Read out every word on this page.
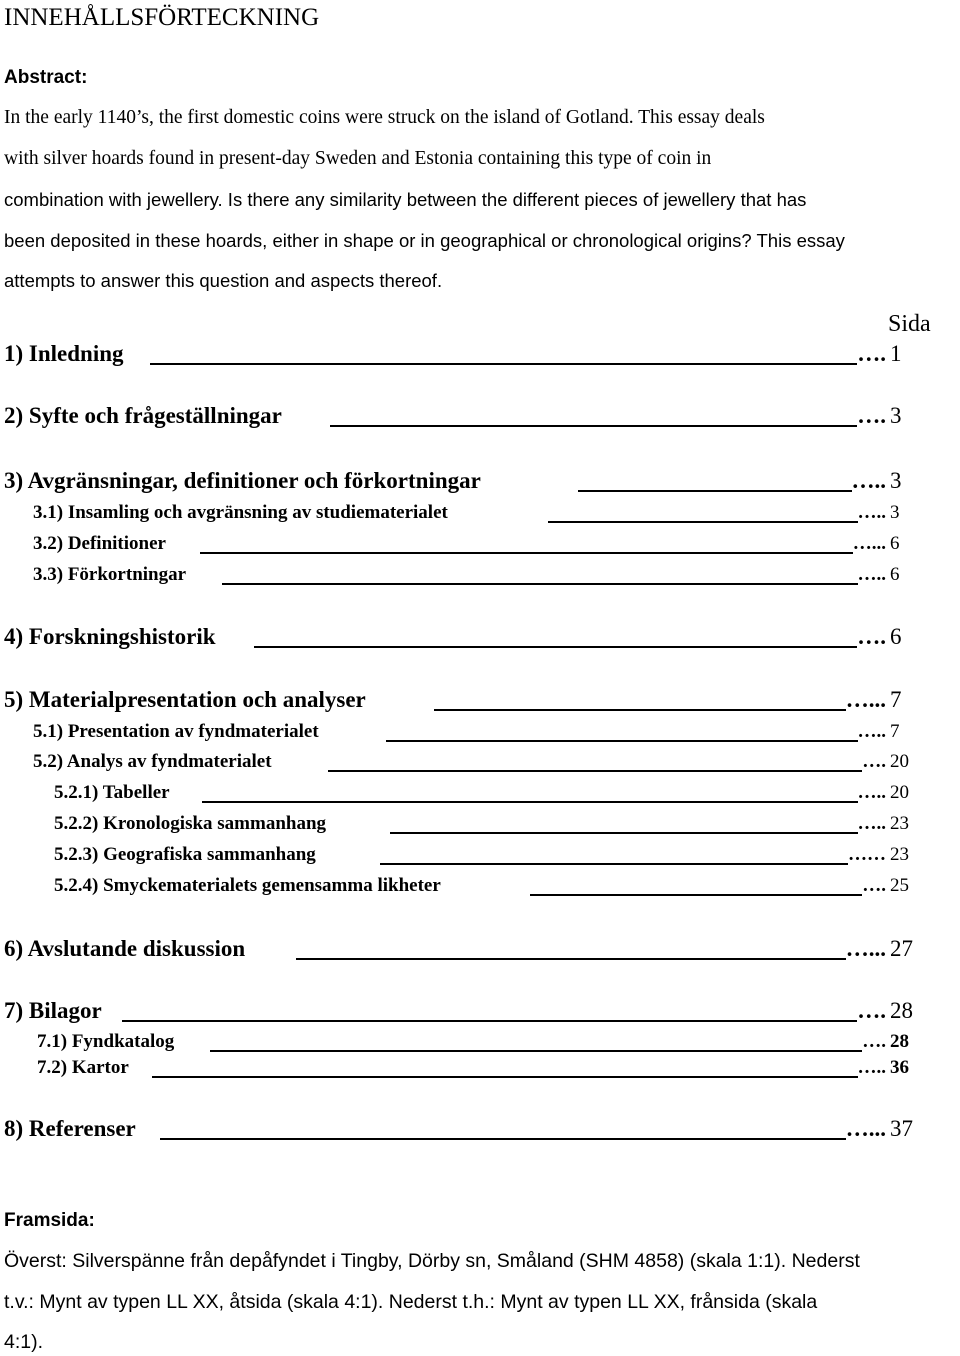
INNEHÅLLSFÖRTECKNING
Abstract:
In the early 1140’s, the first domestic coins were struck on the island of Gotland. This essay deals
with silver hoards found in present-day Sweden and Estonia containing this type of coin in
combination with jewellery. Is there any similarity between the different pieces of jewellery that has
been deposited in these hoards, either in shape or in geographical or chronological origins? This essay
attempts to answer this question and aspects thereof.
Sida
1) Inledning	1
….
2) Syfte och frågeställningar	3
….
3) Avgränsningar, definitioner och förkortningar	3
…..
3.1) Insamling och avgränsning av studiematerialet	3
…..
3.2) Definitioner	6
…...
3.3) Förkortningar	6
…..
4) Forskningshistorik	6
….
5) Materialpresentation och analyser	7
…...
5.1) Presentation av fyndmaterialet	7
…..
5.2) Analys av fyndmaterialet	20
….
5.2.1) Tabeller	20
…..
5.2.2) Kronologiska sammanhang	23
…..
5.2.3) Geografiska sammanhang	23
……
5.2.4) Smyckematerialets gemensamma likheter	25
….
6) Avslutande diskussion	27
…...
7) Bilagor	28
….
7.1) Fyndkatalog	28
….
7.2) Kartor	36
…..
8) Referenser	37
…...
Framsida:
Överst: Silverspänne från depåfyndet i Tingby, Dörby sn, Småland (SHM 4858) (skala 1:1). Nederst
t.v.: Mynt av typen LL XX, åtsida (skala 4:1). Nederst t.h.: Mynt av typen LL XX, frånsida (skala
4:1).
